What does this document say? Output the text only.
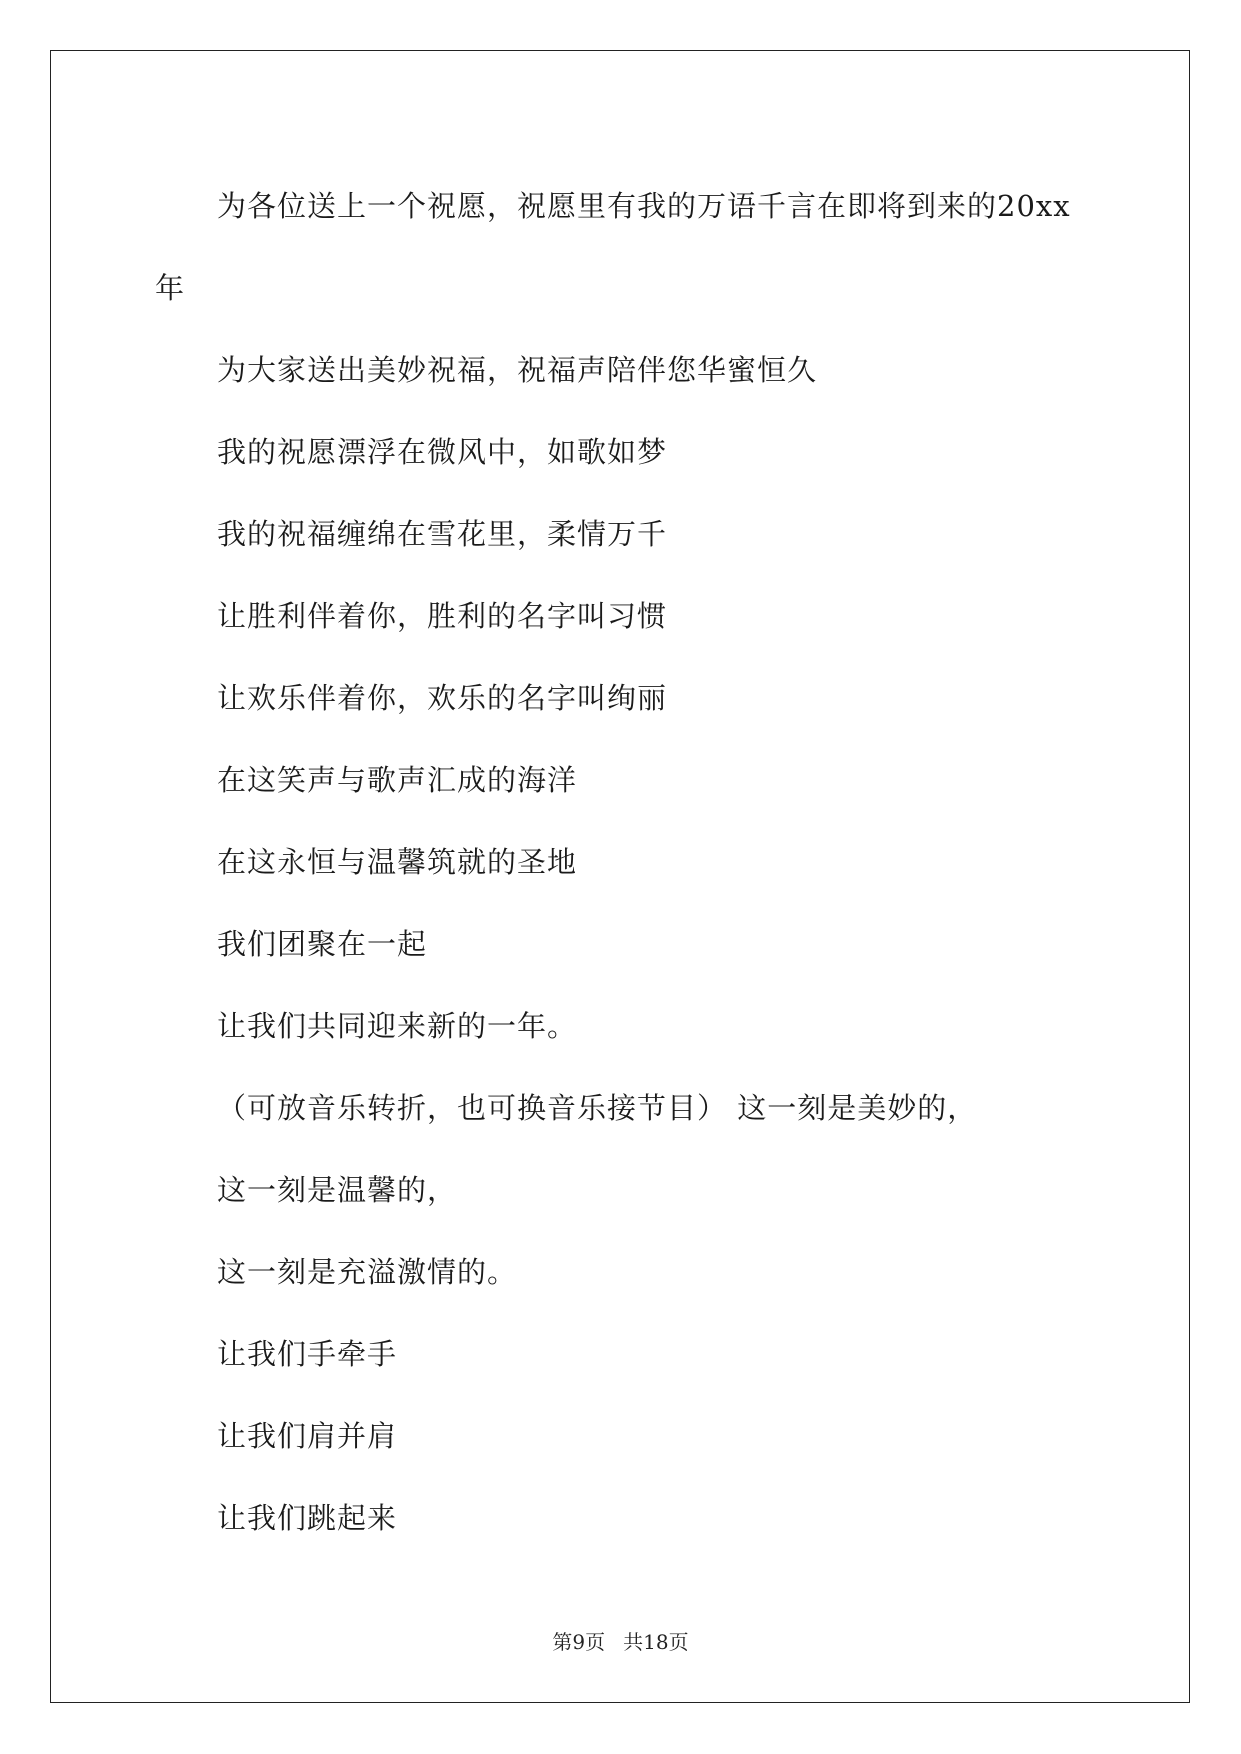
为各位送上一个祝愿，祝愿里有我的万语千言在即将到来的20xx
年
为大家送出美妙祝福，祝福声陪伴您华蜜恒久
我的祝愿漂浮在微风中，如歌如梦
我的祝福缠绵在雪花里，柔情万千
让胜利伴着你，胜利的名字叫习惯
让欢乐伴着你，欢乐的名字叫绚丽
在这笑声与歌声汇成的海洋
在这永恒与温馨筑就的圣地
我们团聚在一起
让我们共同迎来新的一年。
（可放音乐转折，也可换音乐接节目） 这一刻是美妙的，
这一刻是温馨的，
这一刻是充溢激情的。
让我们手牵手
让我们肩并肩
让我们跳起来
第9页 共18页
